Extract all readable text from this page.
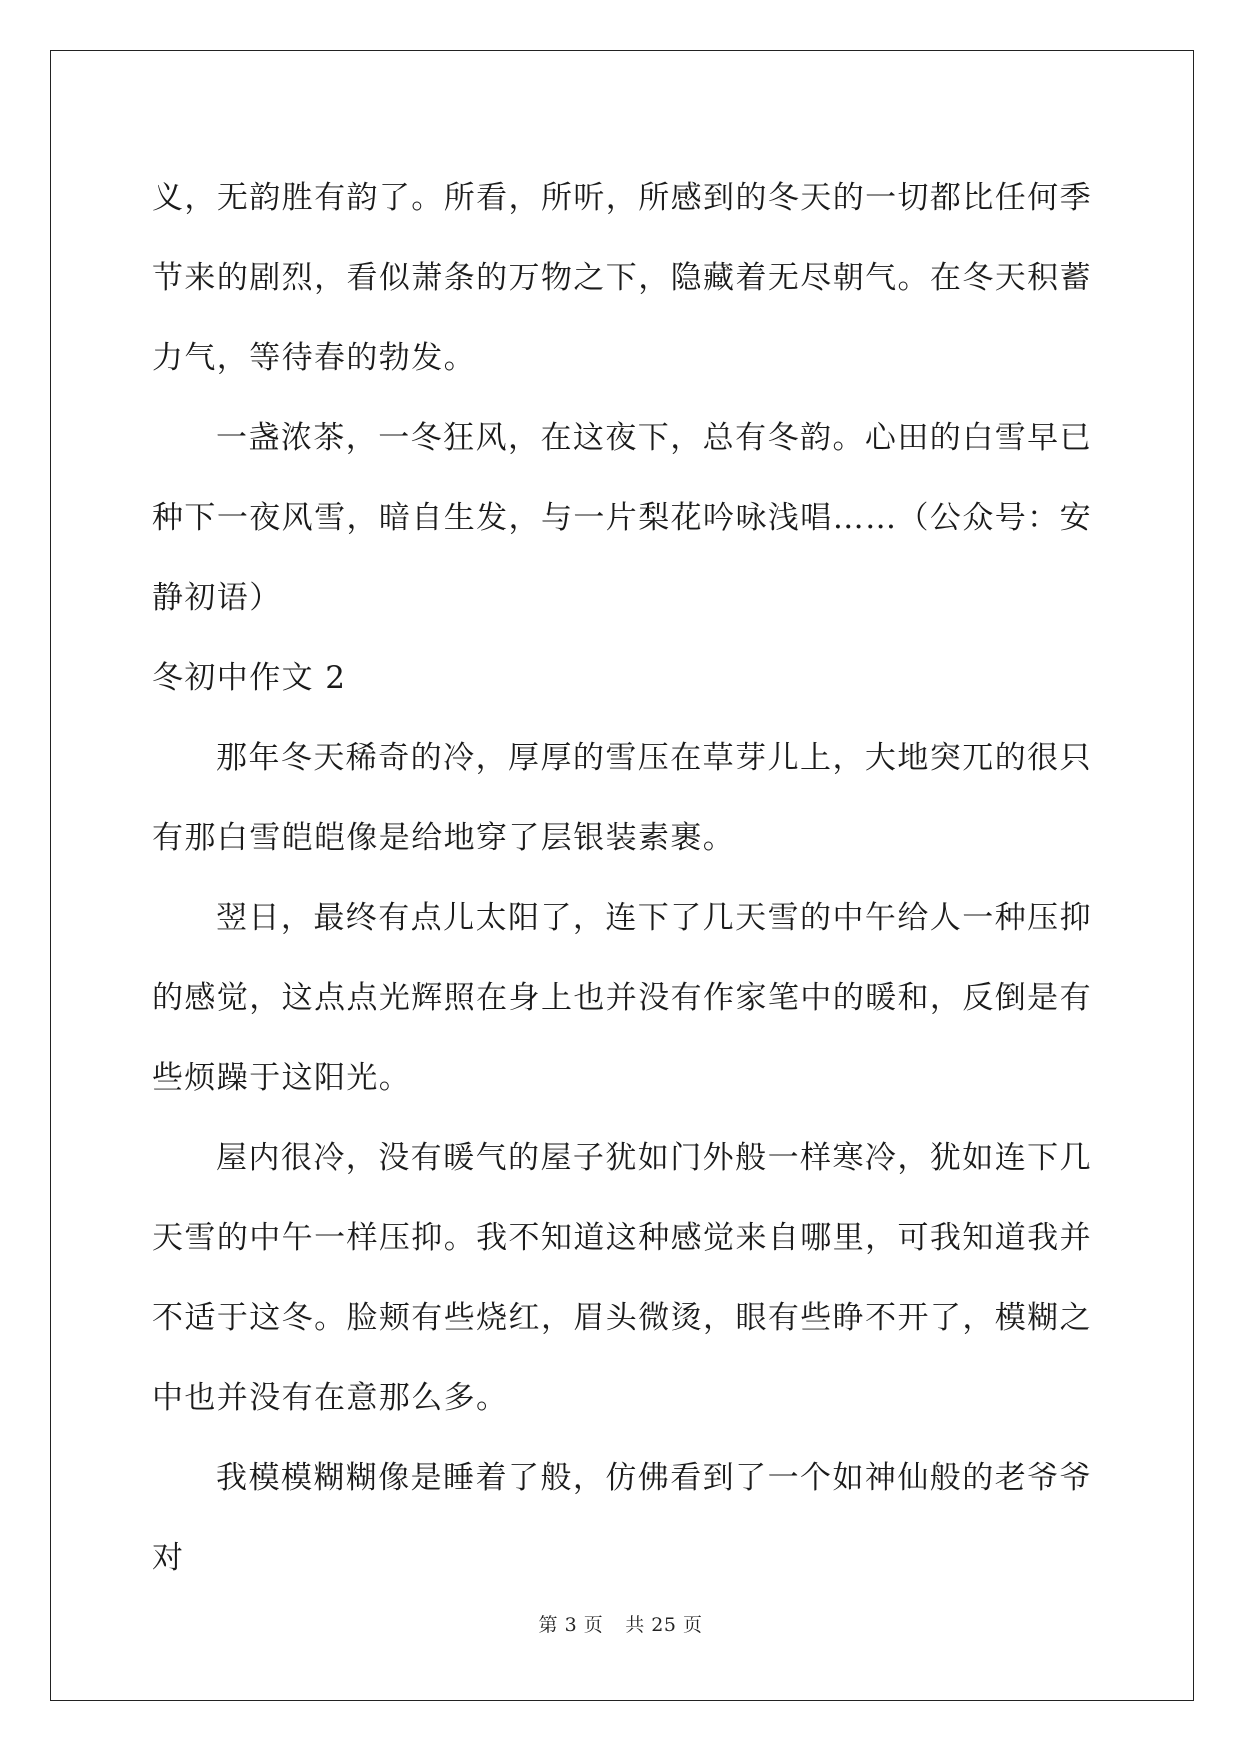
义，无韵胜有韵了。所看，所听，所感到的冬天的一切都比任何季节来的剧烈，看似萧条的万物之下，隐藏着无尽朝气。在冬天积蓄力气，等待春的勃发。

一盏浓茶，一冬狂风，在这夜下，总有冬韵。心田的白雪早已种下一夜风雪，暗自生发，与一片梨花吟咏浅唱……（公众号：安静初语）

冬初中作文 2

那年冬天稀奇的冷，厚厚的雪压在草芽儿上，大地突兀的很只有那白雪皑皑像是给地穿了层银装素裹。

翌日，最终有点儿太阳了，连下了几天雪的中午给人一种压抑的感觉，这点点光辉照在身上也并没有作家笔中的暖和，反倒是有些烦躁于这阳光。

屋内很冷，没有暖气的屋子犹如门外般一样寒冷，犹如连下几天雪的中午一样压抑。我不知道这种感觉来自哪里，可我知道我并不适于这冬。脸颊有些烧红，眉头微烫，眼有些睁不开了，模糊之中也并没有在意那么多。

我模模糊糊像是睡着了般，仿佛看到了一个如神仙般的老爷爷对

第 3 页 共 25 页
